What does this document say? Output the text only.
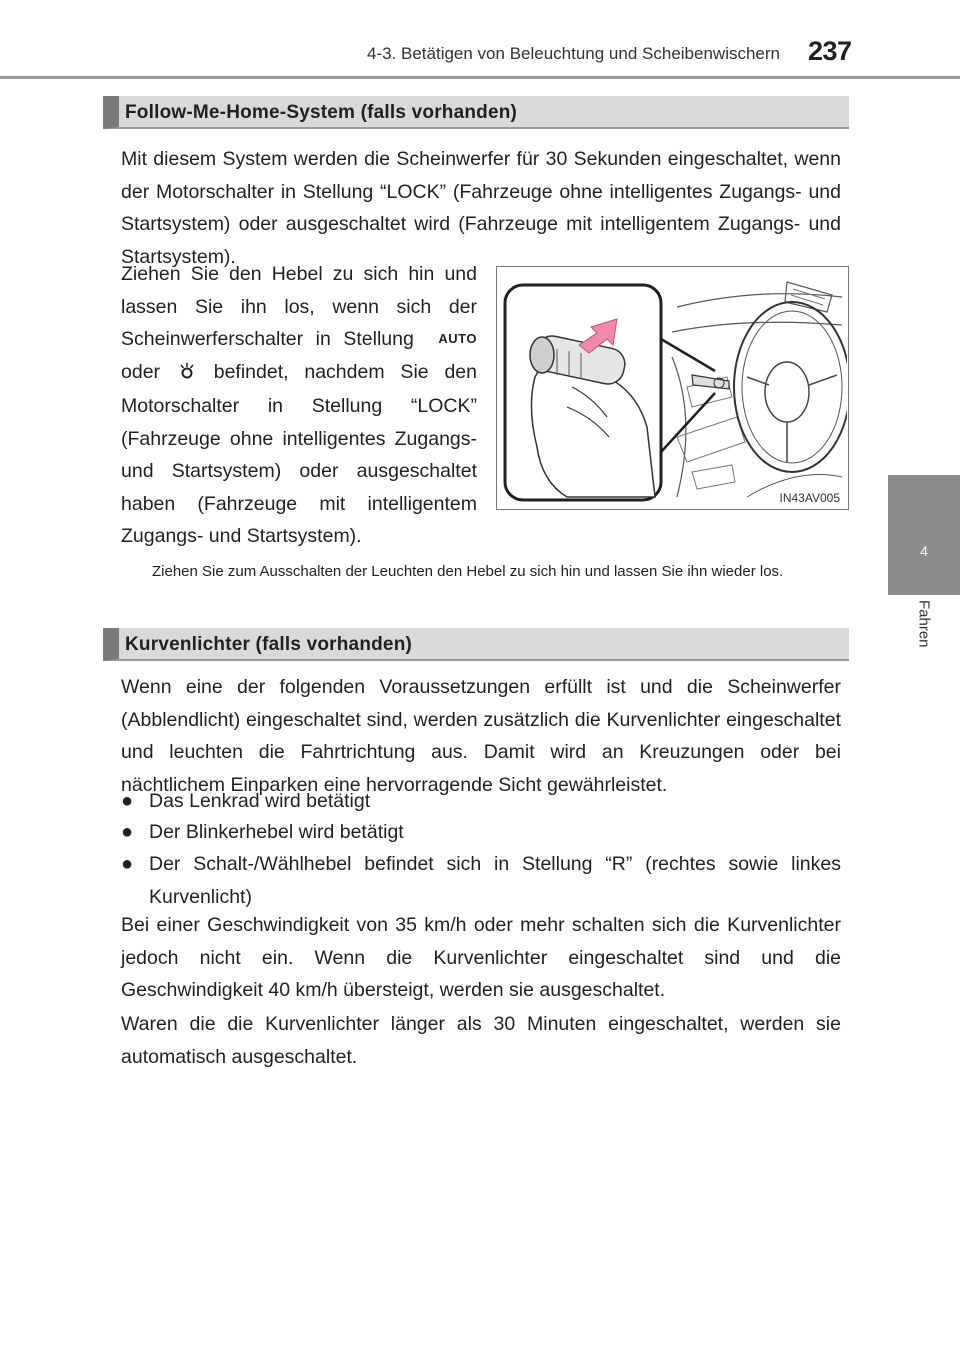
4-3. Betätigen von Beleuchtung und Scheibenwischern 237
4
Fahren
Follow-Me-Home-System (falls vorhanden)

Mit diesem System werden die Scheinwerfer für 30 Sekunden eingeschaltet, wenn der Motorschalter in Stellung “LOCK” (Fahrzeuge ohne intelligentes Zugangs- und Startsystem) oder ausgeschaltet wird (Fahrzeuge mit intelligentem Zugangs- und Startsystem).

Ziehen Sie den Hebel zu sich hin und lassen Sie ihn los, wenn sich der Scheinwerferschalter in Stellung AUTO oder  befindet, nachdem Sie den Motorschalter in Stellung “LOCK” (Fahrzeuge ohne intelligentes Zugangs- und Startsystem) oder ausgeschaltet haben (Fahrzeuge mit intelligentem Zugangs- und Startsystem).

IN43AV005

Ziehen Sie zum Ausschalten der Leuchten den Hebel zu sich hin und lassen Sie ihn wieder los.

Kurvenlichter (falls vorhanden)

Wenn eine der folgenden Voraussetzungen erfüllt ist und die Scheinwerfer (Abblendlicht) eingeschaltet sind, werden zusätzlich die Kurvenlichter eingeschaltet und leuchten die Fahrtrichtung aus. Damit wird an Kreuzungen oder bei nächtlichem Einparken eine hervorragende Sicht gewährleistet.

● Das Lenkrad wird betätigt
● Der Blinkerhebel wird betätigt
● Der Schalt-/Wählhebel befindet sich in Stellung “R” (rechtes sowie linkes Kurvenlicht)

Bei einer Geschwindigkeit von 35 km/h oder mehr schalten sich die Kurvenlichter jedoch nicht ein. Wenn die Kurvenlichter eingeschaltet sind und die Geschwindigkeit 40 km/h übersteigt, werden sie ausgeschaltet.

Waren die die Kurvenlichter länger als 30 Minuten eingeschaltet, werden sie automatisch ausgeschaltet.
